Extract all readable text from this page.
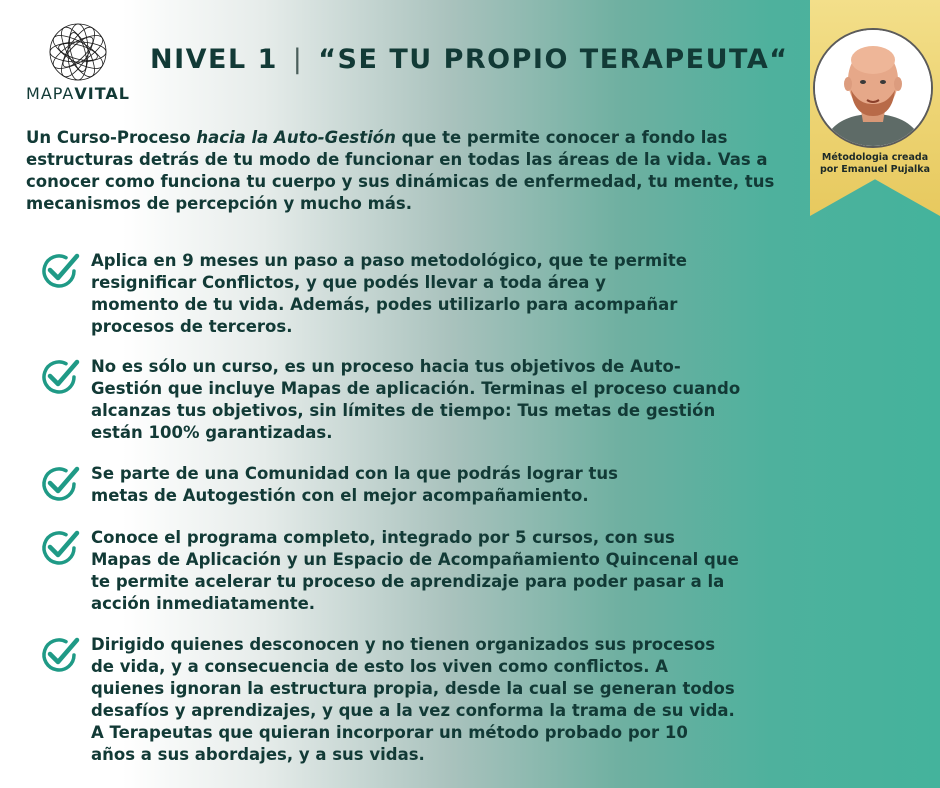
MAPAVITAL
NIVEL 1 | “SE TU PROPIO TERAPEUTA“
Métodologia creada
por Emanuel Pujalka

Un Curso-Proceso hacia la Auto-Gestión que te permite conocer a fondo las estructuras detrás de tu modo de funcionar en todas las áreas de la vida. Vas a conocer como funciona tu cuerpo y sus dinámicas de enfermedad, tu mente, tus mecanismos de percepción y mucho más.

Aplica en 9 meses un paso a paso metodológico, que te permite
resignificar Conflictos, y que podés llevar a toda área y
momento de tu vida. Además, podes utilizarlo para acompañar
procesos de terceros.

No es sólo un curso, es un proceso hacia tus objetivos de Auto-
Gestión que incluye Mapas de aplicación. Terminas el proceso cuando
alcanzas tus objetivos, sin límites de tiempo: Tus metas de gestión
están 100% garantizadas.

Se parte de una Comunidad con la que podrás lograr tus
metas de Autogestión con el mejor acompañamiento.

Conoce el programa completo, integrado por 5 cursos, con sus
Mapas de Aplicación y un Espacio de Acompañamiento Quincenal que
te permite acelerar tu proceso de aprendizaje para poder pasar a la
acción inmediatamente.

Dirigido quienes desconocen y no tienen organizados sus procesos
de vida, y a consecuencia de esto los viven como conflictos. A
quienes ignoran la estructura propia, desde la cual se generan todos
desafíos y aprendizajes, y que a la vez conforma la trama de su vida.
A Terapeutas que quieran incorporar un método probado por 10
años a sus abordajes, y a sus vidas.
